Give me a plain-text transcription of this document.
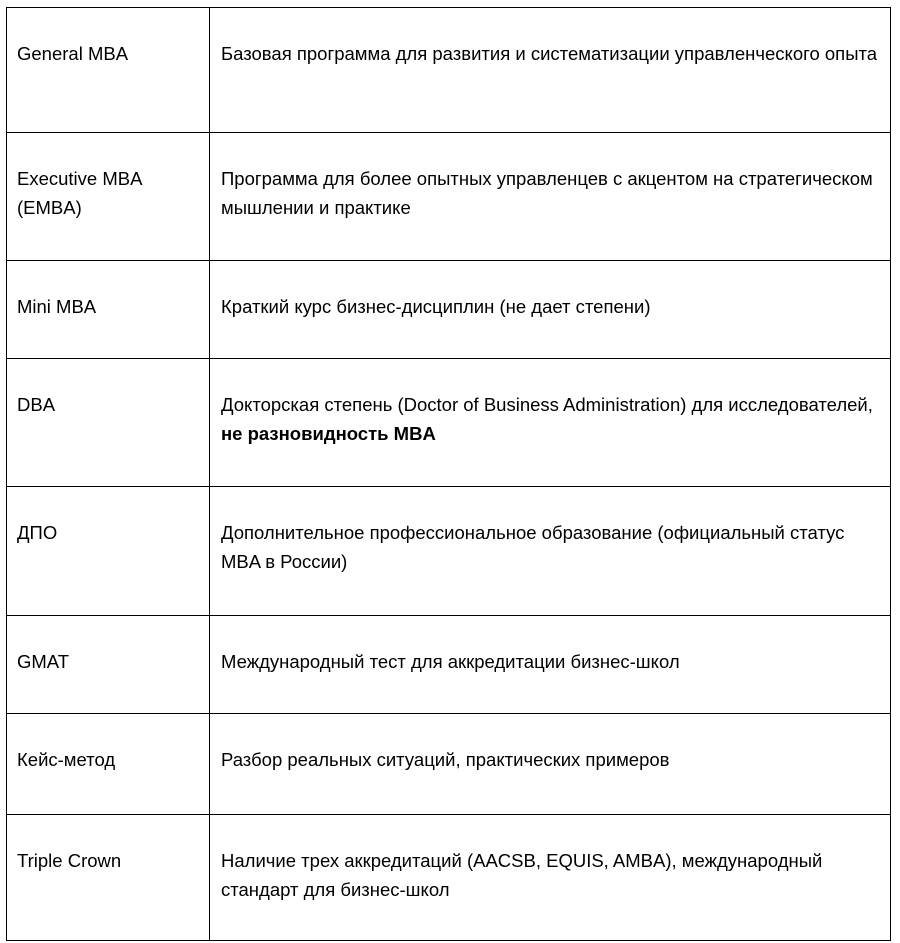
General MBA	Базовая программа для развития и систематизации управленческого опыта
Executive MBA (EMBA)	Программа для более опытных управленцев с акцентом на стратегическом мышлении и практике
Mini MBA	Краткий курс бизнес-дисциплин (не дает степени)
DBA	Докторская степень (Doctor of Business Administration) для исследователей, не разновидность MBA
ДПО	Дополнительное профессиональное образование (официальный статус MBA в России)
GMAT	Международный тест для аккредитации бизнес-школ
Кейс-метод	Разбор реальных ситуаций, практических примеров
Triple Crown	Наличие трех аккредитаций (AACSB, EQUIS, AMBA), международный стандарт для бизнес-школ
